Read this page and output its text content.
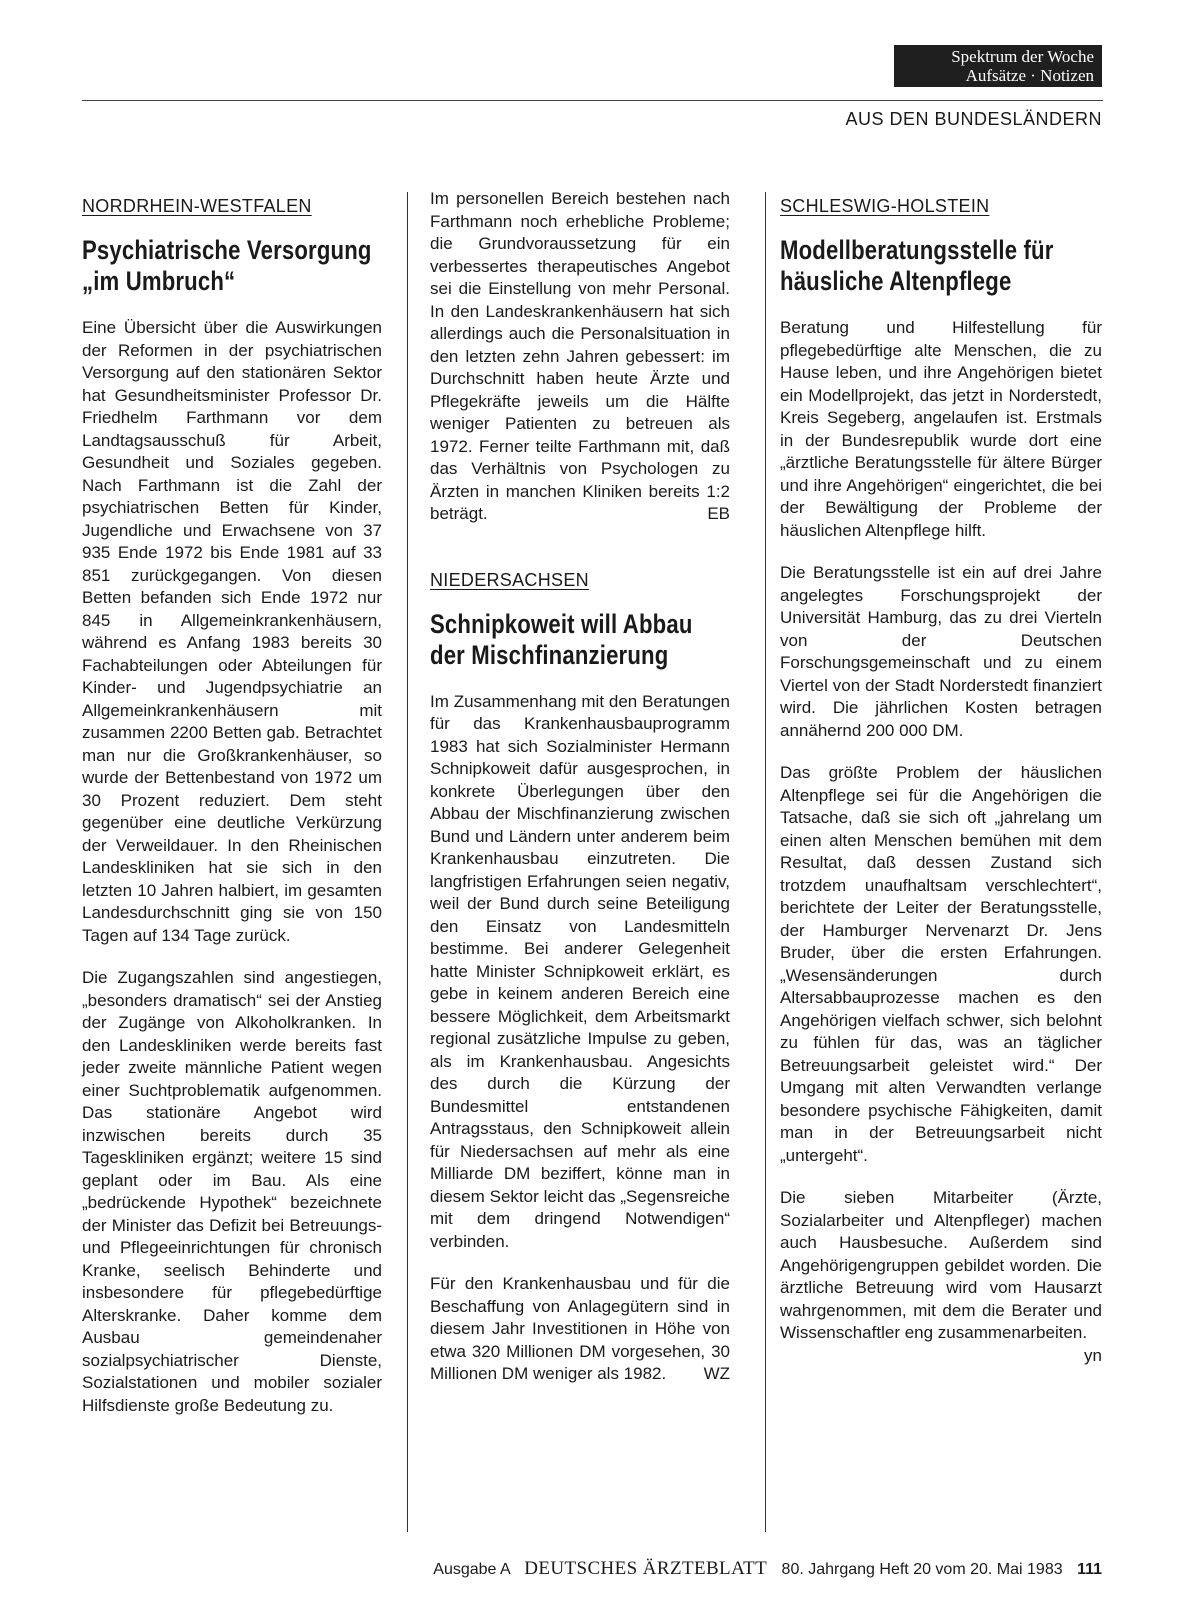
Spektrum der Woche
Aufsätze · Notizen
AUS DEN BUNDESLÄNDERN
NORDRHEIN-WESTFALEN
Psychiatrische Versorgung „im Umbruch“

Eine Übersicht über die Auswirkungen der Reformen in der psychiatrischen Versorgung auf den stationären Sektor hat Gesundheitsminister Professor Dr. Friedhelm Farthmann vor dem Landtagsausschuß für Arbeit, Gesundheit und Soziales gegeben. Nach Farthmann ist die Zahl der psychiatrischen Betten für Kinder, Jugendliche und Erwachsene von 37 935 Ende 1972 bis Ende 1981 auf 33 851 zurückgegangen. Von diesen Betten befanden sich Ende 1972 nur 845 in Allgemeinkrankenhäusern, während es Anfang 1983 bereits 30 Fachabteilungen oder Abteilungen für Kinder- und Jugendpsychiatrie an Allgemeinkrankenhäusern mit zusammen 2200 Betten gab. Betrachtet man nur die Großkrankenhäuser, so wurde der Bettenbestand von 1972 um 30 Prozent reduziert. Dem steht gegenüber eine deutliche Verkürzung der Verweildauer. In den Rheinischen Landeskliniken hat sie sich in den letzten 10 Jahren halbiert, im gesamten Landesdurchschnitt ging sie von 150 Tagen auf 134 Tage zurück.

Die Zugangszahlen sind angestiegen, „besonders dramatisch“ sei der Anstieg der Zugänge von Alkoholkranken. In den Landeskliniken werde bereits fast jeder zweite männliche Patient wegen einer Suchtproblematik aufgenommen. Das stationäre Angebot wird inzwischen bereits durch 35 Tageskliniken ergänzt; weitere 15 sind geplant oder im Bau. Als eine „bedrückende Hypothek“ bezeichnete der Minister das Defizit bei Betreuungs- und Pflegeeinrichtungen für chronisch Kranke, seelisch Behinderte und insbesondere für pflegebedürftige Alterskranke. Daher komme dem Ausbau gemeindenaher sozialpsychiatrischer Dienste, Sozialstationen und mobiler sozialer Hilfsdienste große Bedeutung zu.

Im personellen Bereich bestehen nach Farthmann noch erhebliche Probleme; die Grundvoraussetzung für ein verbessertes therapeutisches Angebot sei die Einstellung von mehr Personal. In den Landeskrankenhäusern hat sich allerdings auch die Personalsituation in den letzten zehn Jahren gebessert: im Durchschnitt haben heute Ärzte und Pflegekräfte jeweils um die Hälfte weniger Patienten zu betreuen als 1972. Ferner teilte Farthmann mit, daß das Verhältnis von Psychologen zu Ärzten in manchen Kliniken bereits 1:2 beträgt.	EB

NIEDERSACHSEN
Schnipkoweit will Abbau der Mischfinanzierung

Im Zusammenhang mit den Beratungen für das Krankenhausbauprogramm 1983 hat sich Sozialminister Hermann Schnipkoweit dafür ausgesprochen, in konkrete Überlegungen über den Abbau der Mischfinanzierung zwischen Bund und Ländern unter anderem beim Krankenhausbau einzutreten. Die langfristigen Erfahrungen seien negativ, weil der Bund durch seine Beteiligung den Einsatz von Landesmitteln bestimme. Bei anderer Gelegenheit hatte Minister Schnipkoweit erklärt, es gebe in keinem anderen Bereich eine bessere Möglichkeit, dem Arbeitsmarkt regional zusätzliche Impulse zu geben, als im Krankenhausbau. Angesichts des durch die Kürzung der Bundesmittel entstandenen Antragsstaus, den Schnipkoweit allein für Niedersachsen auf mehr als eine Milliarde DM beziffert, könne man in diesem Sektor leicht das „Segensreiche mit dem dringend Notwendigen“ verbinden.

Für den Krankenhausbau und für die Beschaffung von Anlagegütern sind in diesem Jahr Investitionen in Höhe von etwa 320 Millionen DM vorgesehen, 30 Millionen DM weniger als 1982. WZ

SCHLESWIG-HOLSTEIN
Modellberatungsstelle für häusliche Altenpflege

Beratung und Hilfestellung für pflegebedürftige alte Menschen, die zu Hause leben, und ihre Angehörigen bietet ein Modellprojekt, das jetzt in Norderstedt, Kreis Segeberg, angelaufen ist. Erstmals in der Bundesrepublik wurde dort eine „ärztliche Beratungsstelle für ältere Bürger und ihre Angehörigen“ eingerichtet, die bei der Bewältigung der Probleme der häuslichen Altenpflege hilft.

Die Beratungsstelle ist ein auf drei Jahre angelegtes Forschungsprojekt der Universität Hamburg, das zu drei Vierteln von der Deutschen Forschungsgemeinschaft und zu einem Viertel von der Stadt Norderstedt finanziert wird. Die jährlichen Kosten betragen annähernd 200 000 DM.

Das größte Problem der häuslichen Altenpflege sei für die Angehörigen die Tatsache, daß sie sich oft „jahrelang um einen alten Menschen bemühen mit dem Resultat, daß dessen Zustand sich trotzdem unaufhaltsam verschlechtert“, berichtete der Leiter der Beratungsstelle, der Hamburger Nervenarzt Dr. Jens Bruder, über die ersten Erfahrungen. „Wesensänderungen durch Altersabbauprozesse machen es den Angehörigen vielfach schwer, sich belohnt zu fühlen für das, was an täglicher Betreuungsarbeit geleistet wird.“ Der Umgang mit alten Verwandten verlange besondere psychische Fähigkeiten, damit man in der Betreuungsarbeit nicht „untergeht“.

Die sieben Mitarbeiter (Ärzte, Sozialarbeiter und Altenpfleger) machen auch Hausbesuche. Außerdem sind Angehörigengruppen gebildet worden. Die ärztliche Betreuung wird vom Hausarzt wahrgenommen, mit dem die Berater und Wissenschaftler eng zusammenarbeiten.
yn

Ausgabe A DEUTSCHES ÄRZTEBLATT 80. Jahrgang Heft 20 vom 20. Mai 1983 111
